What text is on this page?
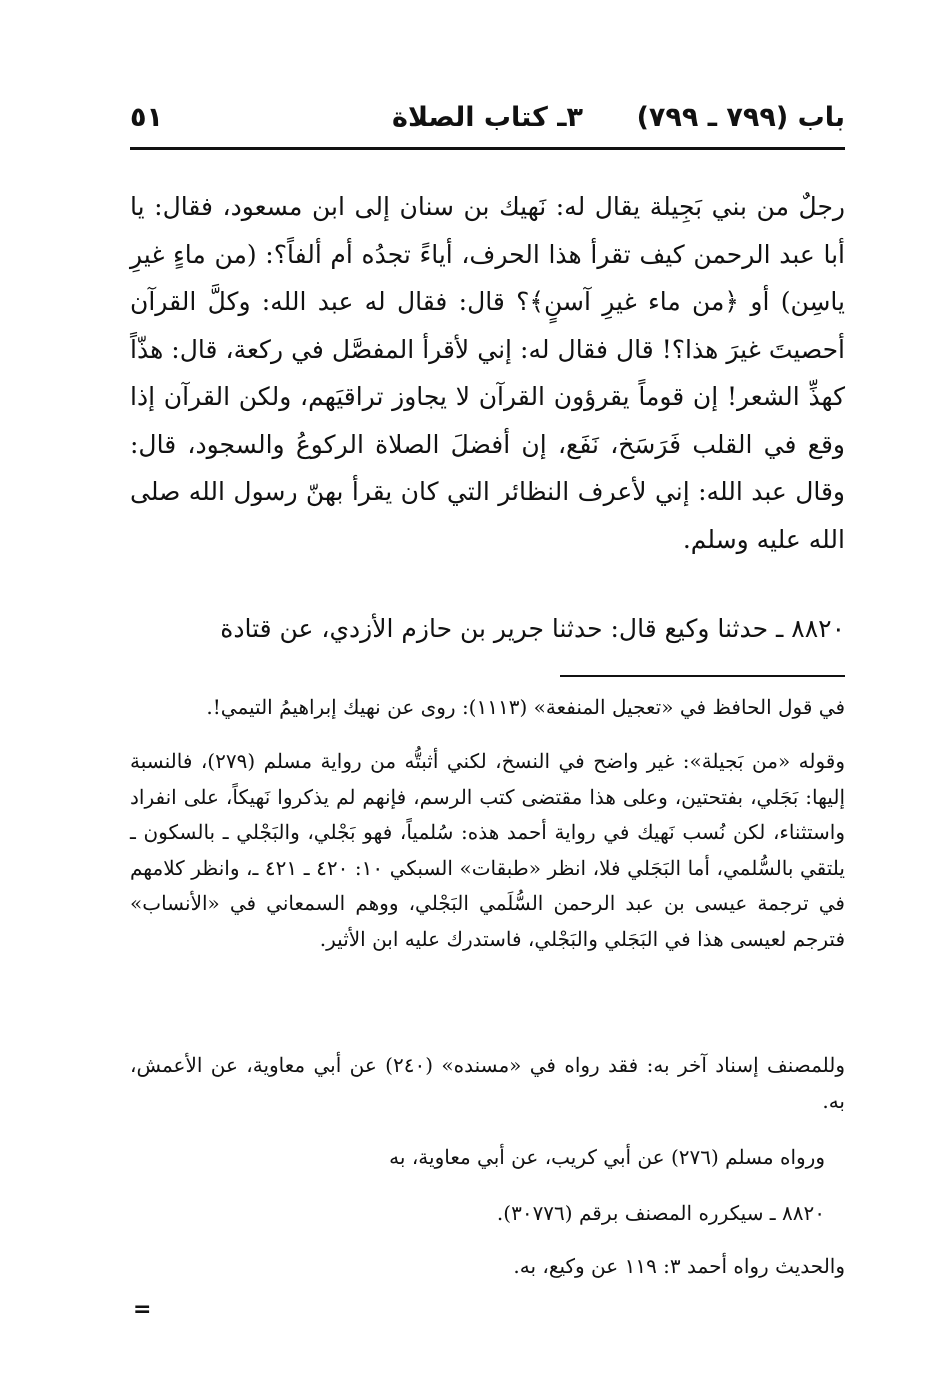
باب (٧٩٩ ـ ٧٩٩)
٣ـ كتاب الصلاة
٥١
رجلٌ من بني بَجِيلة يقال له: نَهيك بن سنان إلى ابن مسعود، فقال: يا أبا عبد الرحمن كيف تقرأ هذا الحرف، أياءً تجدُه أم ألفاً؟: (من ماءٍ غيرِ ياسِن) أو ﴿من ماء غيرِ آسنٍ﴾؟ قال: فقال له عبد الله: وكلَّ القرآن أحصيتَ غيرَ هذا؟! قال فقال له: إني لأقرأ المفصَّل في ركعة، قال: هذّاً كهذِّ الشعر! إن قوماً يقرؤون القرآن لا يجاوز تراقيَهم، ولكن القرآن إذا وقع في القلب فَرَسَخ، نَفَع، إن أفضلَ الصلاة الركوعُ والسجود، قال: وقال عبد الله: إني لأعرف النظائر التي كان يقرأ بهنّ رسول الله صلى الله عليه وسلم.
٨٨٢٠ ـ حدثنا وكيع قال: حدثنا جرير بن حازم الأزدي، عن قتادة

في قول الحافظ في «تعجيل المنفعة» (١١١٣): روى عن نهيك إبراهيمُ التيمي!.

وقوله «من بَجيلة»: غير واضح في النسخ، لكني أثبتُّه من رواية مسلم (٢٧٩)، فالنسبة إليها: بَجَلي، بفتحتين، وعلى هذا مقتضى كتب الرسم، فإنهم لم يذكروا نَهيكاً، على انفراد واستثناء، لكن نُسب نَهيك في رواية أحمد هذه: سُلمياً، فهو بَجْلي، والبَجْلي ـ بالسكون ـ يلتقي بالسُّلمي، أما البَجَلي فلا، انظر «طبقات» السبكي ١٠: ٤٢٠ ـ ٤٢١ ـ، وانظر كلامهم في ترجمة عيسى بن عبد الرحمن السُّلَمي البَجْلي، ووهم السمعاني في «الأنساب» فترجم لعيسى هذا في البَجَلي والبَجْلي، فاستدرك عليه ابن الأثير.

وللمصنف إسناد آخر به: فقد رواه في «مسنده» (٢٤٠) عن أبي معاوية، عن الأعمش، به.

ورواه مسلم (٢٧٦) عن أبي كريب، عن أبي معاوية، به

٨٨٢٠ ـ سيكرره المصنف برقم (٣٠٧٧٦).

والحديث رواه أحمد ٣: ١١٩ عن وكيع، به.

=
